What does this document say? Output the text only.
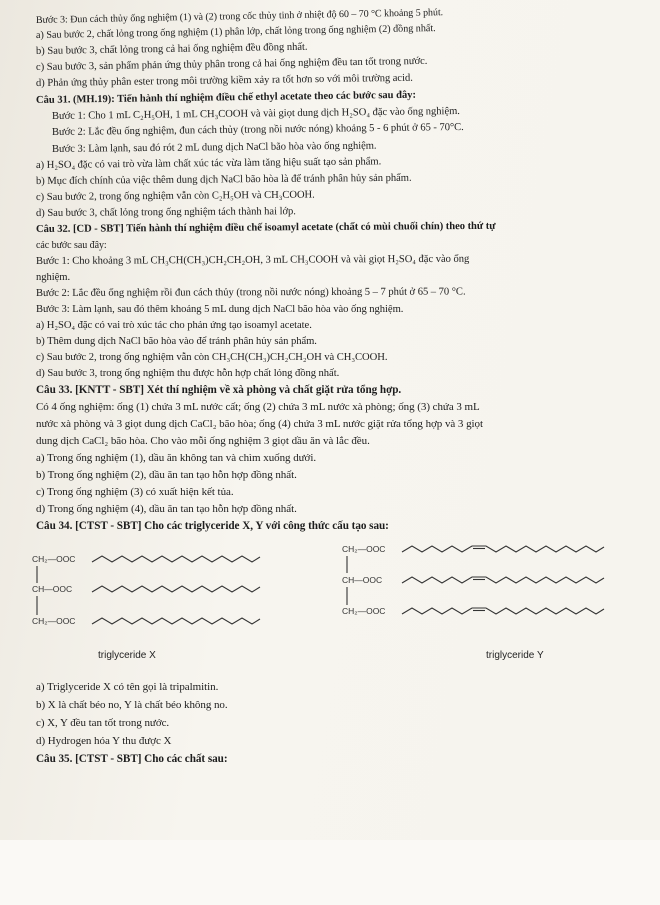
Bước 3: Đun cách thủy ống nghiệm (1) và (2) trong cốc thủy tinh ở nhiệt độ 60 – 70 °C khoảng 5 phút.
a) Sau bước 2, chất lỏng trong ống nghiệm (1) phân lớp, chất lỏng trong ống nghiệm (2) đồng nhất.
b) Sau bước 3, chất lỏng trong cả hai ống nghiệm đều đồng nhất.
c) Sau bước 3, sản phẩm phản ứng thủy phân trong cả hai ống nghiệm đều tan tốt trong nước.
d) Phản ứng thủy phân ester trong môi trường kiềm xảy ra tốt hơn so với môi trường acid.
Câu 31. (MH.19): Tiến hành thí nghiệm điều chế ethyl acetate theo các bước sau đây:
Bước 1: Cho 1 mL C₂H₅OH, 1 mL CH₃COOH và vài giọt dung dịch H₂SO₄ đặc vào ống nghiệm.
Bước 2: Lắc đều ống nghiệm, đun cách thủy (trong nồi nước nóng) khoảng 5 - 6 phút ở 65 - 70°C.
Bước 3: Làm lạnh, sau đó rót 2 mL dung dịch NaCl bão hòa vào ống nghiệm.
a) H₂SO₄ đặc có vai trò vừa làm chất xúc tác vừa làm tăng hiệu suất tạo sản phẩm.
b) Mục đích chính của việc thêm dung dịch NaCl bão hòa là để tránh phân hủy sản phẩm.
c) Sau bước 2, trong ống nghiệm vẫn còn C₂H₅OH và CH₃COOH.
d) Sau bước 3, chất lỏng trong ống nghiệm tách thành hai lớp.
Câu 32. [CD - SBT] Tiến hành thí nghiệm điều chế isoamyl acetate (chất có mùi chuối chín) theo thứ tự
các bước sau đây:
Bước 1: Cho khoảng 3 mL CH₃CH(CH₃)CH₂CH₂OH, 3 mL CH₃COOH và vài giọt H₂SO₄ đặc vào ống
nghiệm.
Bước 2: Lắc đều ống nghiệm rồi đun cách thủy (trong nồi nước nóng) khoảng 5 – 7 phút ở 65 – 70 °C.
Bước 3: Làm lạnh, sau đó thêm khoảng 5 mL dung dịch NaCl bão hòa vào ống nghiệm.
a) H₂SO₄ đặc có vai trò xúc tác cho phản ứng tạo isoamyl acetate.
b) Thêm dung dịch NaCl bão hòa vào để tránh phân hủy sản phẩm.
c) Sau bước 2, trong ống nghiệm vẫn còn CH₃CH(CH₃)CH₂CH₂OH và CH₃COOH.
d) Sau bước 3, trong ống nghiệm thu được hỗn hợp chất lỏng đồng nhất.
Câu 33. [KNTT - SBT] Xét thí nghiệm về xà phòng và chất giặt rửa tổng hợp.
Có 4 ống nghiệm: ống (1) chứa 3 mL nước cất; ống (2) chứa 3 mL nước xà phòng; ống (3) chứa 3 mL
nước xà phòng và 3 giọt dung dịch CaCl₂ bão hòa; ống (4) chứa 3 mL nước giặt rửa tổng hợp và 3 giọt
dung dịch CaCl₂ bão hòa. Cho vào mỗi ống nghiệm 3 giọt dầu ăn và lắc đều.
a) Trong ống nghiệm (1), dầu ăn không tan và chìm xuống dưới.
b) Trong ống nghiệm (2), dầu ăn tan tạo hỗn hợp đồng nhất.
c) Trong ống nghiệm (3) có xuất hiện kết tủa.
d) Trong ống nghiệm (4), dầu ăn tan tạo hỗn hợp đồng nhất.
Câu 34. [CTST - SBT] Cho các triglyceride X, Y với công thức cấu tạo sau:
CH₂—OOC
CH—OOC
CH₂—OOC
triglyceride X
CH₂—OOC
CH—OOC
CH₂—OOC
triglyceride Y
a) Triglyceride X có tên gọi là tripalmitin.
b) X là chất béo no, Y là chất béo không no.
c) X, Y đều tan tốt trong nước.
d) Hydrogen hóa Y thu được X
Câu 35. [CTST - SBT] Cho các chất sau:
